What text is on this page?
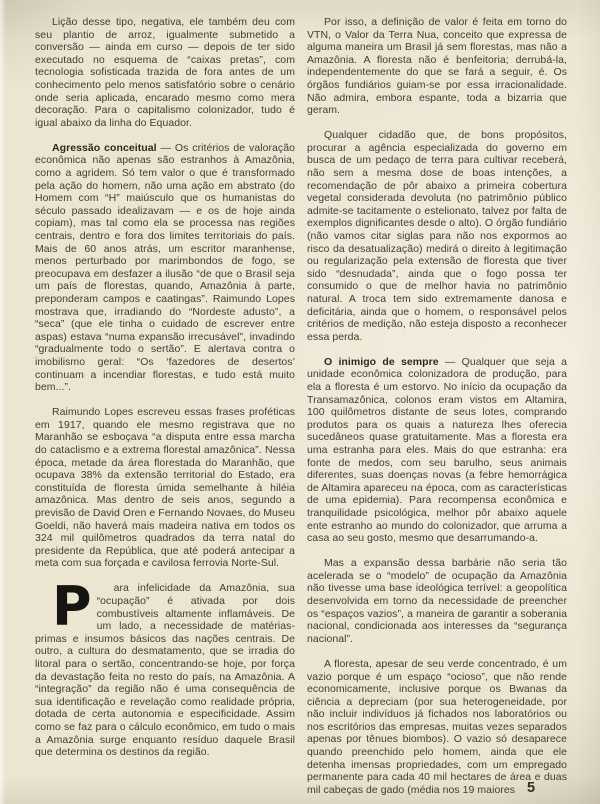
Lição desse tipo, negativa, ele também deu com seu plantio de arroz, igualmente submetido a conversão — ainda em curso — depois de ter sido executado no esquema de “caixas pretas”, com tecnologia sofisticada trazida de fora antes de um conhecimento pelo menos satisfatório sobre o cenário onde seria aplicada, encarado mesmo como mera decoração. Para o capitalismo colonizador, tudo é igual abaixo da linha do Equador.

Agressão conceitual — Os critérios de valoração econômica não apenas são estranhos à Amazônia, como a agridem. Só tem valor o que é transformado pela ação do homem, não uma ação em abstrato (do Homem com “H” maiúsculo que os humanistas do século passado idealizavam — e os de hoje ainda copiam), mas tal como ela se processa nas regiões centrais, dentro e fora dos limites territoriais do país. Mais de 60 anos atrás, um escritor maranhense, menos perturbado por marimbondos de fogo, se preocupava em desfazer a ilusão “de que o Brasil seja um país de florestas, quando, Amazônia à parte, preponderam campos e caatingas”. Raimundo Lopes mostrava que, irradiando do “Nordeste adusto”, a “seca” (que ele tinha o cuidado de escrever entre aspas) estava “numa expansão irrecusável”, invadindo “gradualmente todo o sertão”. E alertava contra o imobilismo geral: “Os ‘fazedores de desertos’ continuam a incendiar florestas, e tudo está muito bem...”.

Raimundo Lopes escreveu essas frases proféticas em 1917, quando ele mesmo registrava que no Maranhão se esboçava “a disputa entre essa marcha do cataclismo e a extrema florestal amazônica”. Nessa época, metade da área florestada do Maranhão, que ocupava 38% da extensão territorial do Estado, era constituída de floresta úmida semelhante à hiléia amazônica. Mas dentro de seis anos, segundo a previsão de David Oren e Fernando Novaes, do Museu Goeldi, não haverá mais madeira nativa em todos os 324 mil quilômetros quadrados da terra natal do presidente da República, que até poderá antecipar a meta com sua forçada e cavilosa ferrovia Norte-Sul.

P	ara infelicidade da Amazônia, sua “ocupação” é ativada por dois combustíveis altamente inflamáveis. De um lado, a necessidade de matérias-primas e insumos básicos das nações centrais. De outro, a cultura do desmatamento, que se irradia do litoral para o sertão, concentrando-se hoje, por força da devastação feita no resto do país, na Amazônia. A “integração” da região não é uma consequência de sua identificação e revelação como realidade própria, dotada de certa autonomia e especificidade. Assim como se faz para o cálculo econômico, em tudo o mais a Amazônia surge enquanto resíduo daquele Brasil que determina os destinos da região.

Por isso, a definição de valor é feita em torno do VTN, o Valor da Terra Nua, conceito que expressa de alguma maneira um Brasil já sem florestas, mas não a Amazônia. A floresta não é benfeitoria; derrubá-la, independentemente do que se fará a seguir, é. Os órgãos fundiários guiam-se por essa irracionalidade. Não admira, embora espante, toda a bizarria que geram.

Qualquer cidadão que, de bons propósitos, procurar a agência especializada do governo em busca de um pedaço de terra para cultivar receberá, não sem a mesma dose de boas intenções, a recomendação de pôr abaixo a primeira cobertura vegetal considerada devoluta (no patrimônio público admite-se tacitamente o estelionato, talvez por falta de exemplos dignificantes desde o alto). O órgão fundiário (não vamos citar siglas para não nos expormos ao risco da desatualização) medirá o direito à legitimação ou regularização pela extensão de floresta que tiver sido “desnudada”, ainda que o fogo possa ter consumido o que de melhor havia no patrimônio natural. A troca tem sido extremamente danosa e deficitária, ainda que o homem, o responsável pelos critérios de medição, não esteja disposto a reconhecer essa perda.

O inimigo de sempre — Qualquer que seja a unidade econômica colonizadora de produção, para ela a floresta é um estorvo. No início da ocupação da Transamazônica, colonos eram vistos em Altamira, 100 quilômetros distante de seus lotes, comprando produtos para os quais a natureza lhes oferecia sucedâneos quase gratuitamente. Mas a floresta era uma estranha para eles. Mais do que estranha: era fonte de medos, com seu barulho, seus animais diferentes, suas doenças novas (a febre hemorrágica de Altamira apareceu na época, com as características de uma epidemia). Para recompensa econômica e tranquilidade psicológica, melhor pôr abaixo aquele ente estranho ao mundo do colonizador, que arruma a casa ao seu gosto, mesmo que desarrumando-a.

Mas a expansão dessa barbárie não seria tão acelerada se o “modelo” de ocupação da Amazônia não tivesse uma base ideológica terrível: a geopolítica desenvolvida em torno da necessidade de preencher os “espaços vazios”, a maneira de garantir a soberania nacional, condicionada aos interesses da “segurança nacional”.

A floresta, apesar de seu verde concentrado, é um vazio porque é um espaço “ocioso”, que não rende economicamente, inclusive porque os Bwanas da ciência a depreciam (por sua heterogeneidade, por não incluir indivíduos já fichados nos laboratórios ou nos escritórios das empresas, muitas vezes separados apenas por tênues biombos). O vazio só desaparece quando preenchido pelo homem, ainda que ele detenha imensas propriedades, com um empregado permanente para cada 40 mil hectares de área e duas mil cabeças de gado (média nos 19 maiores 5
